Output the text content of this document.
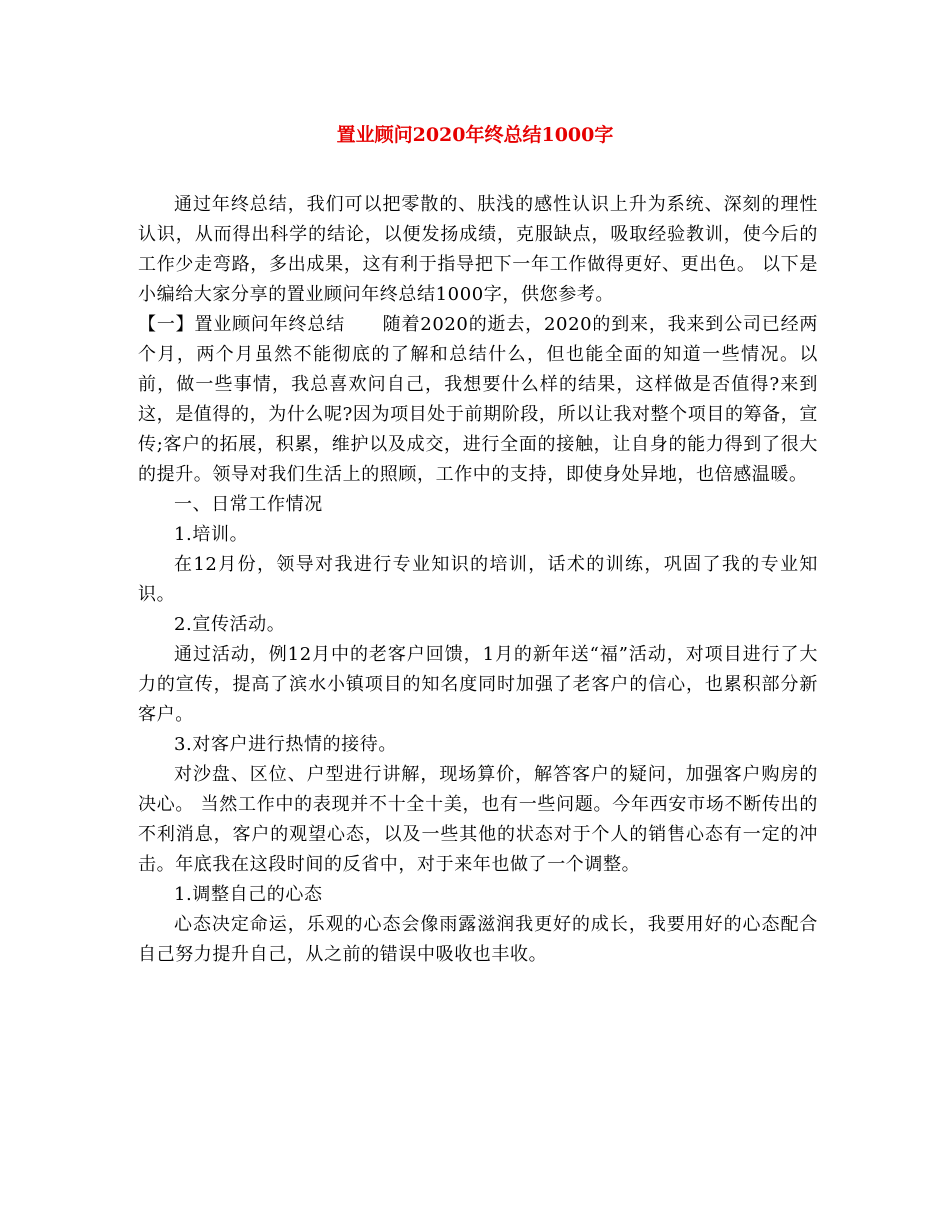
置业顾问2020年终总结1000字

通过年终总结，我们可以把零散的、肤浅的感性认识上升为系统、深刻的理性认识，从而得出科学的结论，以便发扬成绩，克服缺点，吸取经验教训，使今后的工作少走弯路，多出成果，这有利于指导把下一年工作做得更好、更出色。 以下是小编给大家分享的置业顾问年终总结1000字，供您参考。

【一】置业顾问年终总结　　随着2020的逝去，2020的到来，我来到公司已经两个月，两个月虽然不能彻底的了解和总结什么，但也能全面的知道一些情况。以前，做一些事情，我总喜欢问自己，我想要什么样的结果，这样做是否值得?来到这，是值得的，为什么呢?因为项目处于前期阶段，所以让我对整个项目的筹备，宣传;客户的拓展，积累，维护以及成交，进行全面的接触，让自身的能力得到了很大的提升。领导对我们生活上的照顾，工作中的支持，即使身处异地，也倍感温暖。

一、日常工作情况

1.培训。

在12月份，领导对我进行专业知识的培训，话术的训练，巩固了我的专业知识。

2.宣传活动。

通过活动，例12月中的老客户回馈，1月的新年送“福”活动，对项目进行了大力的宣传，提高了滨水小镇项目的知名度同时加强了老客户的信心，也累积部分新客户。

3.对客户进行热情的接待。

对沙盘、区位、户型进行讲解，现场算价，解答客户的疑问，加强客户购房的决心。 当然工作中的表现并不十全十美，也有一些问题。今年西安市场不断传出的不利消息，客户的观望心态，以及一些其他的状态对于个人的销售心态有一定的冲击。年底我在这段时间的反省中，对于来年也做了一个调整。

1.调整自己的心态

心态决定命运，乐观的心态会像雨露滋润我更好的成长，我要用好的心态配合自己努力提升自己，从之前的错误中吸收也丰收。
